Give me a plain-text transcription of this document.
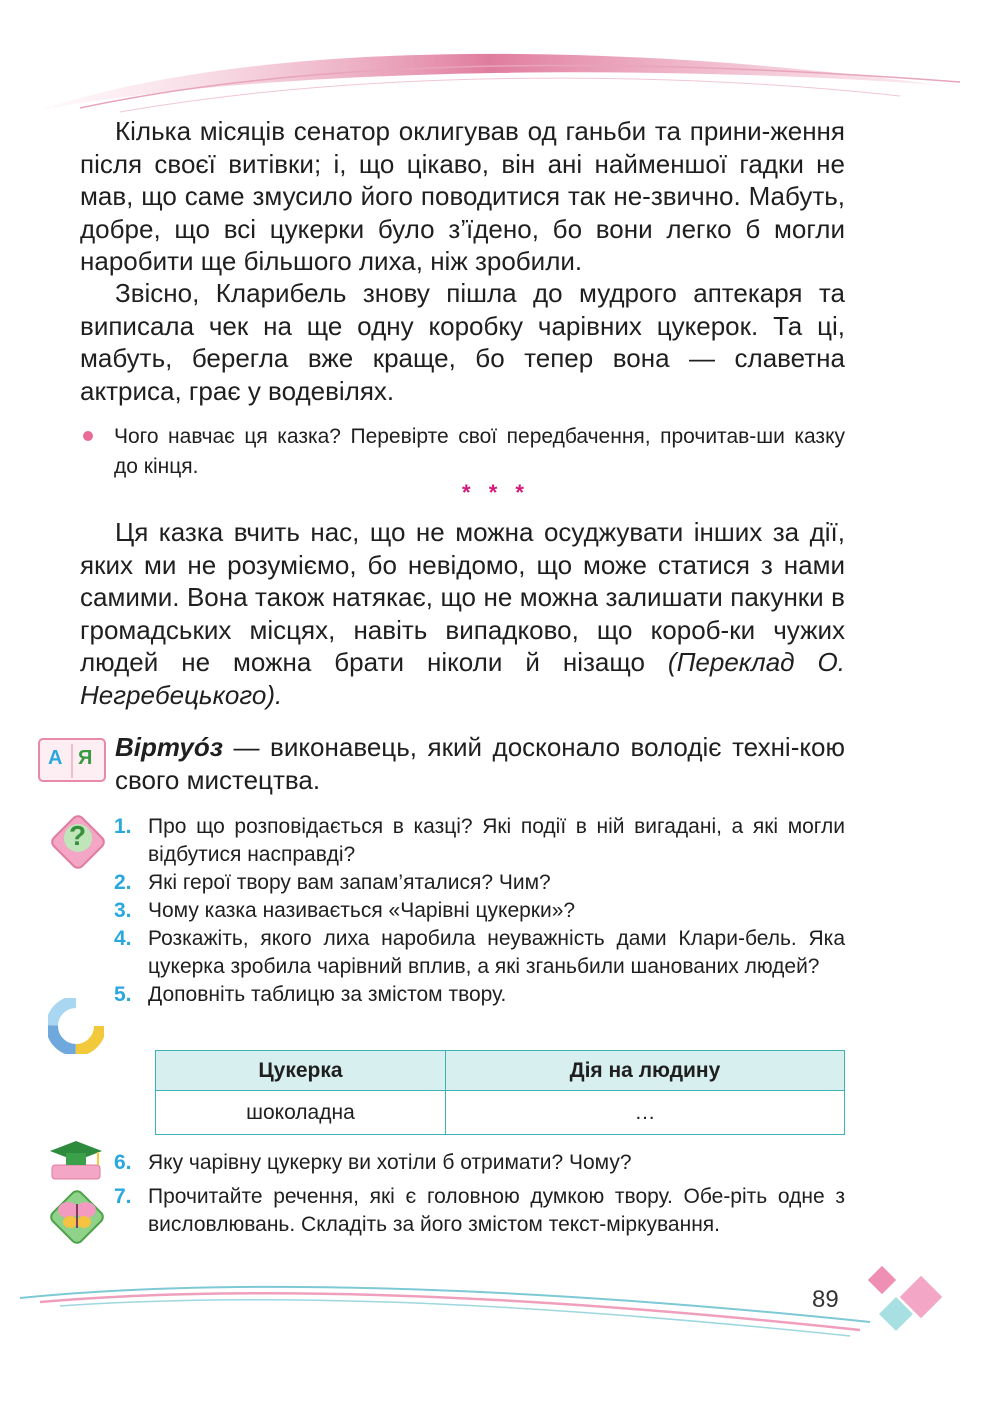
Кілька місяців сенатор оклигував од ганьби та прини-ження після своєї витівки; і, що цікаво, він ані найменшої гадки не мав, що саме змусило його поводитися так не-звично. Мабуть, добре, що всі цукерки було з’їдено, бо вони легко б могли наробити ще більшого лиха, ніж зробили.

Звісно, Кларибель знову пішла до мудрого аптекаря та виписала чек на ще одну коробку чарівних цукерок. Та ці, мабуть, берегла вже краще, бо тепер вона — славетна актриса, грає у водевілях.

Чого навчає ця казка? Перевірте свої передбачення, прочитав-ши казку до кінця.

* * *

Ця казка вчить нас, що не можна осуджувати інших за дії, яких ми не розуміємо, бо невідомо, що може статися з нами самими. Вона також натякає, що не можна залишати пакунки в громадських місцях, навіть випадково, що короб-ки чужих людей не можна брати ніколи й нізащо (Переклад О. Негребецького).

А Я Віртуóз — виконавець, який досконало володіє техні-кою свого мистецтва.

? 1. Про що розповідається в казці? Які події в ній вигадані, а які могли відбутися насправді?
2. Які герої твору вам запам’яталися? Чим?
3. Чому казка називається «Чарівні цукерки»?
4. Розкажіть, якого лиха наробила неуважність дами Клари-бель. Яка цукерка зробила чарівний вплив, а які зганьбили шанованих людей?
5. Доповніть таблицю за змістом твору.
Цукерка	Дія на людину
шоколадна	…
6. Яку чарівну цукерку ви хотіли б отримати? Чому?
7. Прочитайте речення, які є головною думкою твору. Обе-ріть одне з висловлювань. Складіть за його змістом текст-міркування.
89
